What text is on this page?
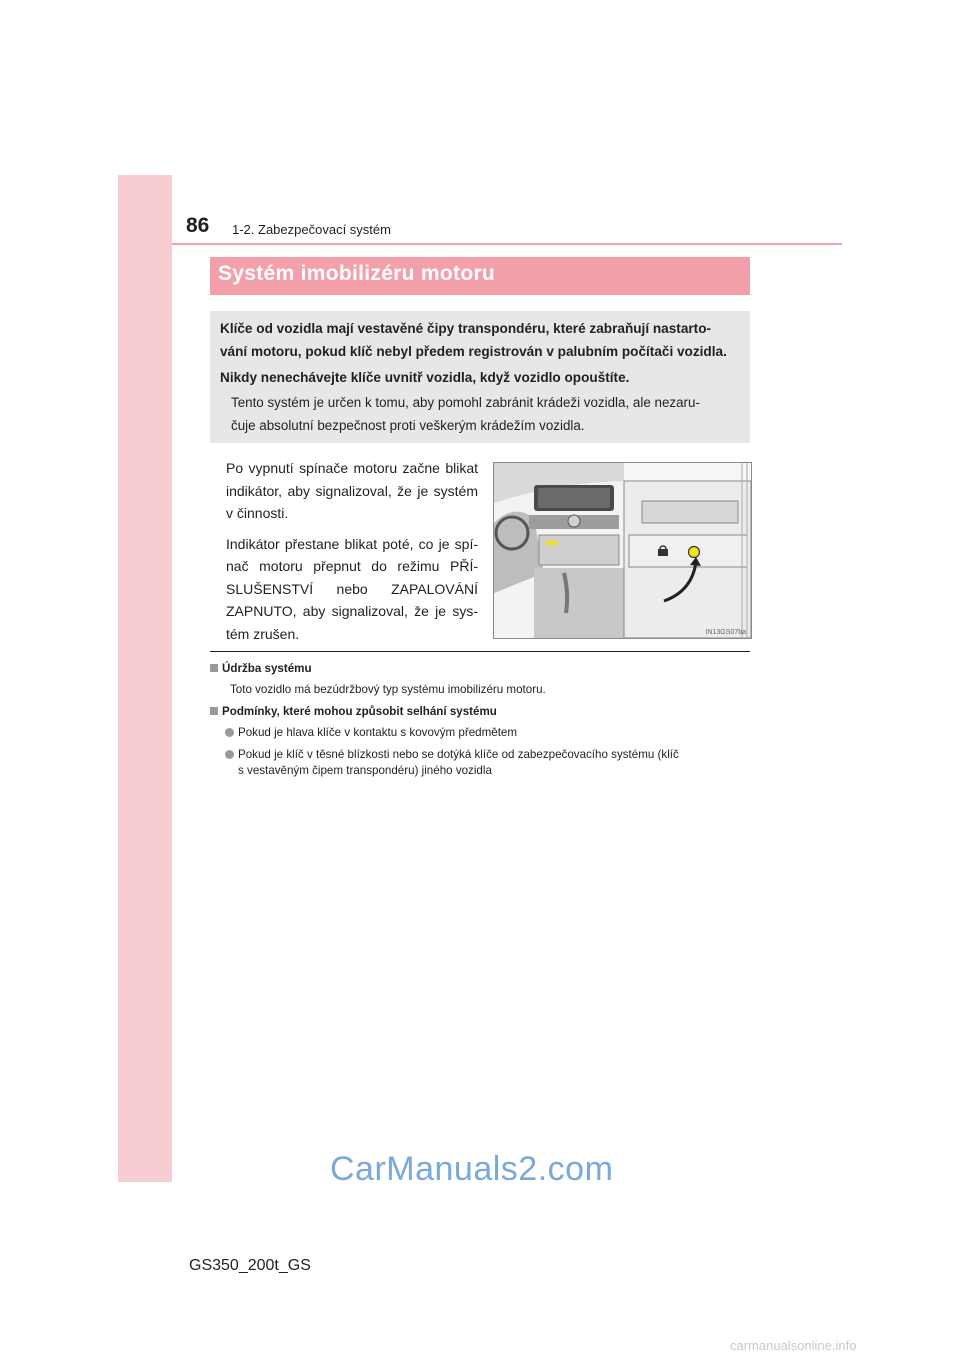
86 1-2. Zabezpečovací systém
Systém imobilizéru motoru
Klíče od vozidla mají vestavěné čipy transpondéru, které zabraňují nastarto-
vání motoru, pokud klíč nebyl předem registrován v palubním počítači vozidla.
Nikdy nenechávejte klíče uvnitř vozidla, když vozidlo opouštíte.
Tento systém je určen k tomu, aby pomohl zabránit krádeži vozidla, ale nezaru-
čuje absolutní bezpečnost proti veškerým krádežím vozidla.

Po vypnutí spínače motoru začne blikat indikátor, aby signalizoval, že je systém v činnosti.

Indikátor přestane blikat poté, co je spí- nač motoru přepnut do režimu PŘÍ- SLUŠENSTVÍ nebo ZAPALOVÁNÍ ZAPNUTO, aby signalizoval, že je sys- tém zrušen.	IN13GS07ba
Údržba systému
Toto vozidlo má bezúdržbový typ systému imobilizéru motoru.
Podmínky, které mohou způsobit selhání systému
Pokud je hlava klíče v kontaktu s kovovým předmětem
Pokud je klíč v těsné blízkosti nebo se dotýká klíče od zabezpečovacího systému (klíč
s vestavěným čipem transpondéru) jiného vozidla
CarManuals2.com
GS350_200t_GS
carmanualsonline.info
